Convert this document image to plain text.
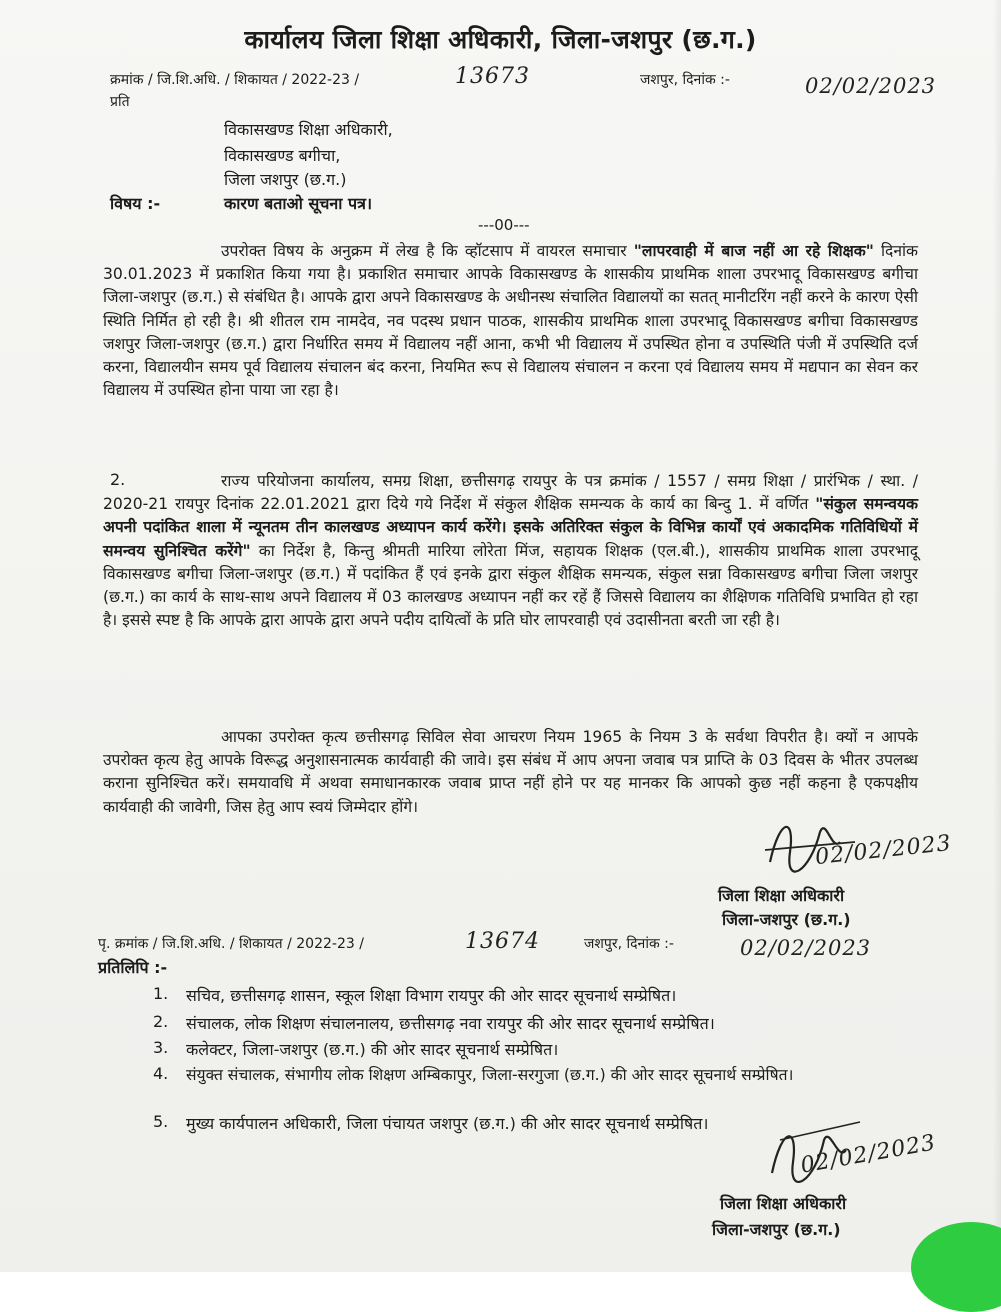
कार्यालय जिला शिक्षा अधिकारी, जिला-जशपुर (छ.ग.)
क्रमांक / जि.शि.अधि. / शिकायत / 2022-23 /	13673	जशपुर, दिनांक :-	02/02/2023
प्रति
विकासखण्ड शिक्षा अधिकारी,
विकासखण्ड बगीचा,
जिला जशपुर (छ.ग.)
विषय :-	कारण बताओ सूचना पत्र।
---00---
उपरोक्त विषय के अनुक्रम में लेख है कि व्हॉटसाप में वायरल समाचार "लापरवाही में बाज नहीं आ रहे शिक्षक" दिनांक 30.01.2023 में प्रकाशित किया गया है। प्रकाशित समाचार आपके विकासखण्ड के शासकीय प्राथमिक शाला उपरभादू विकासखण्ड बगीचा जिला-जशपुर (छ.ग.) से संबंधित है। आपके द्वारा अपने विकासखण्ड के अधीनस्थ संचालित विद्यालयों का सतत् मानीटरिंग नहीं करने के कारण ऐसी स्थिति निर्मित हो रही है। श्री शीतल राम नामदेव, नव पदस्थ प्रधान पाठक, शासकीय प्राथमिक शाला उपरभादू विकासखण्ड बगीचा विकासखण्ड जशपुर जिला-जशपुर (छ.ग.) द्वारा निर्धारित समय में विद्यालय नहीं आना, कभी भी विद्यालय में उपस्थित होना व उपस्थिति पंजी में उपस्थिति दर्ज करना, विद्यालयीन समय पूर्व विद्यालय संचालन बंद करना, नियमित रूप से विद्यालय संचालन न करना एवं विद्यालय समय में मद्यपान का सेवन कर विद्यालय में उपस्थित होना पाया जा रहा है।
2.	राज्य परियोजना कार्यालय, समग्र शिक्षा, छत्तीसगढ़ रायपुर के पत्र क्रमांक / 1557 / समग्र शिक्षा / प्रारंभिक / स्था. / 2020-21 रायपुर दिनांक 22.01.2021 द्वारा दिये गये निर्देश में संकुल शैक्षिक समन्यक के कार्य का बिन्दु 1. में वर्णित "संकुल समन्वयक अपनी पदांकित शाला में न्यूनतम तीन कालखण्ड अध्यापन कार्य करेंगे। इसके अतिरिक्त संकुल के विभिन्न कार्यों एवं अकादमिक गतिविधियों में समन्वय सुनिश्चित करेंगे" का निर्देश है, किन्तु श्रीमती मारिया लोरेता मिंज, सहायक शिक्षक (एल.बी.), शासकीय प्राथमिक शाला उपरभादू विकासखण्ड बगीचा जिला-जशपुर (छ.ग.) में पदांकित हैं एवं इनके द्वारा संकुल शैक्षिक समन्यक, संकुल सन्ना विकासखण्ड बगीचा जिला जशपुर (छ.ग.) का कार्य के साथ-साथ अपने विद्यालय में 03 कालखण्ड अध्यापन नहीं कर रहें हैं जिससे विद्यालय का शैक्षिणक गतिविधि प्रभावित हो रहा है। इससे स्पष्ट है कि आपके द्वारा आपके द्वारा अपने पदीय दायित्वों के प्रति घोर लापरवाही एवं उदासीनता बरती जा रही है।
आपका उपरोक्त कृत्य छत्तीसगढ़ सिविल सेवा आचरण नियम 1965 के नियम 3 के सर्वथा विपरीत है। क्यों न आपके उपरोक्त कृत्य हेतु आपके विरूद्ध अनुशासनात्मक कार्यवाही की जावे। इस संबंध में आप अपना जवाब पत्र प्राप्ति के 03 दिवस के भीतर उपलब्ध कराना सुनिश्चित करें। समयावधि में अथवा समाधानकारक जवाब प्राप्त नहीं होने पर यह मानकर कि आपको कुछ नहीं कहना है एकपक्षीय कार्यवाही की जावेगी, जिस हेतु आप स्वयं जिम्मेदार होंगे।
02/02/2023
जिला शिक्षा अधिकारी
जिला-जशपुर (छ.ग.)
पृ. क्रमांक / जि.शि.अधि. / शिकायत / 2022-23 /	13674	जशपुर, दिनांक :-	02/02/2023
प्रतिलिपि :-
1. सचिव, छत्तीसगढ़ शासन, स्कूल शिक्षा विभाग रायपुर की ओर सादर सूचनार्थ सम्प्रेषित।
2. संचालक, लोक शिक्षण संचालनालय, छत्तीसगढ़ नवा रायपुर की ओर सादर सूचनार्थ सम्प्रेषित।
3. कलेक्टर, जिला-जशपुर (छ.ग.) की ओर सादर सूचनार्थ सम्प्रेषित।
4. संयुक्त संचालक, संभागीय लोक शिक्षण अम्बिकापुर, जिला-सरगुजा (छ.ग.) की ओर सादर सूचनार्थ सम्प्रेषित।
5. मुख्य कार्यपालन अधिकारी, जिला पंचायत जशपुर (छ.ग.) की ओर सादर सूचनार्थ सम्प्रेषित।
02/02/2023
जिला शिक्षा अधिकारी
जिला-जशपुर (छ.ग.)
